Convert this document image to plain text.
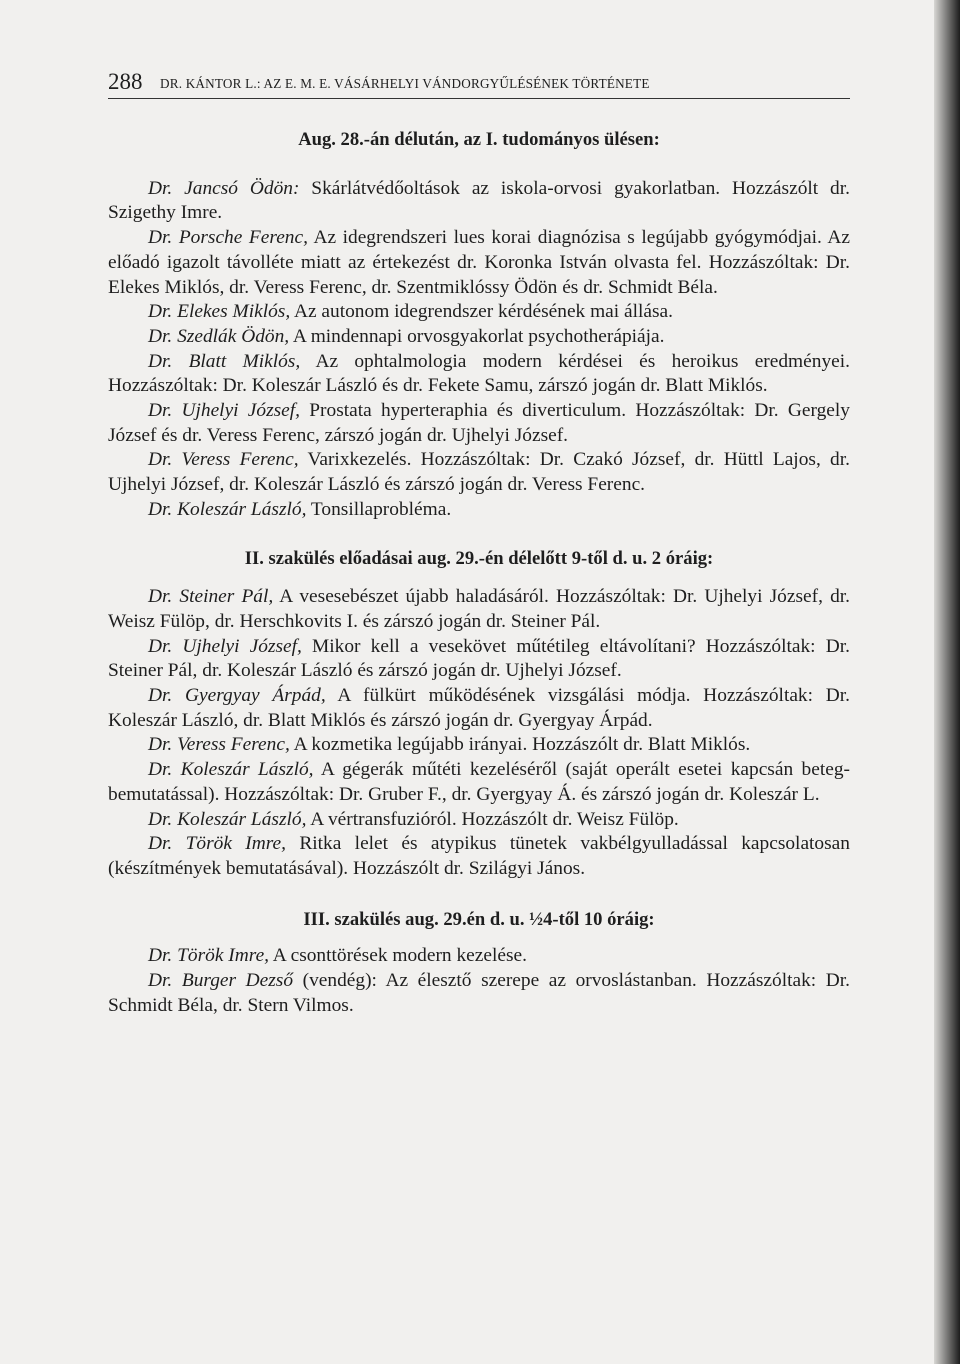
288 DR. KÁNTOR L.: AZ E. M. E. VÁSÁRHELYI VÁNDORGYŰLÉSÉNEK TÖRTÉNETE

Aug. 28.-án délután, az I. tudományos ülésen:

Dr. Jancsó Ödön: Skárlátvédőoltások az iskola-orvosi gyakorlatban. Hozzászólt dr. Szigethy Imre.

Dr. Porsche Ferenc, Az idegrendszeri lues korai diagnózisa s legújabb gyógymódjai. Az előadó igazolt távolléte miatt az értekezést dr. Koronka István olvasta fel. Hozzászóltak: Dr. Elekes Miklós, dr. Veress Ferenc, dr. Szentmiklóssy Ödön és dr. Schmidt Béla.

Dr. Elekes Miklós, Az autonom idegrendszer kérdésének mai állása.

Dr. Szedlák Ödön, A mindennapi orvosgyakorlat psychotherápiája.

Dr. Blatt Miklós, Az ophtalmologia modern kérdései és heroikus eredményei. Hozzászóltak: Dr. Koleszár László és dr. Fekete Samu, zárszó jogán dr. Blatt Miklós.

Dr. Ujhelyi József, Prostata hyperteraphia és diverticulum. Hozzászóltak: Dr. Gergely József és dr. Veress Ferenc, zárszó jogán dr. Ujhelyi József.

Dr. Veress Ferenc, Varixkezelés. Hozzászóltak: Dr. Czakó József, dr. Hüttl Lajos, dr. Ujhelyi József, dr. Koleszár László és zárszó jogán dr. Veress Ferenc.

Dr. Koleszár László, Tonsillaprobléma.

II. szakülés előadásai aug. 29.-én délelőtt 9-től d. u. 2 óráig:

Dr. Steiner Pál, A vesesebészet újabb haladásáról. Hozzászóltak: Dr. Ujhelyi József, dr. Weisz Fülöp, dr. Herschkovits I. és zárszó jogán dr. Steiner Pál.

Dr. Ujhelyi József, Mikor kell a vesekövet műtétileg eltávolítani? Hozzászóltak: Dr. Steiner Pál, dr. Koleszár László és zárszó jogán dr. Ujhelyi József.

Dr. Gyergyay Árpád, A fülkürt működésének vizsgálási módja. Hozzászóltak: Dr. Koleszár László, dr. Blatt Miklós és zárszó jogán dr. Gyergyay Árpád.

Dr. Veress Ferenc, A kozmetika legújabb irányai. Hozzászólt dr. Blatt Miklós.

Dr. Koleszár László, A gégerák műtéti kezeléséről (saját operált esetei kapcsán beteg-bemutatással). Hozzászóltak: Dr. Gruber F., dr. Gyergyay Á. és zárszó jogán dr. Koleszár L.

Dr. Koleszár László, A vértransfuzióról. Hozzászólt dr. Weisz Fülöp.

Dr. Török Imre, Ritka lelet és atypikus tünetek vakbélgyulladással kapcsolatosan (készítmények bemutatásával). Hozzászólt dr. Szilágyi János.

III. szakülés aug. 29.én d. u. ½4-től 10 óráig:

Dr. Török Imre, A csonttörések modern kezelése.

Dr. Burger Dezső (vendég): Az élesztő szerepe az orvoslástanban. Hozzászóltak: Dr. Schmidt Béla, dr. Stern Vilmos.
